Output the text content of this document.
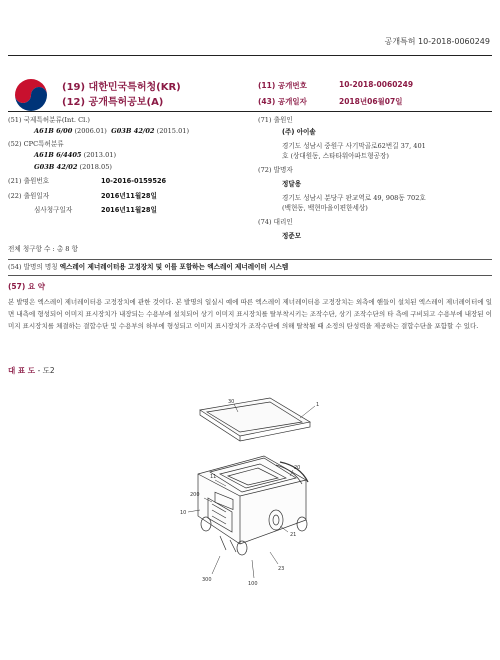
공개특허 10-2018-0060249
(19) 대한민국특허청(KR)
(12) 공개특허공보(A)
(11) 공개번호	10-2018-0060249
(43) 공개일자	2018년06월07일
(51) 국제특허분류(Int. Cl.)
A61B 6/00 (2006.01) G03B 42/02 (2015.01)
(52) CPC특허분류
A61B 6/4405 (2013.01)
G03B 42/02 (2018.05)
(21) 출원번호	10-2016-0159526
(22) 출원일자	2016년11월28일
심사청구일자	2016년11월28일
(71) 출원인
(주) 아이솔
경기도 성남시 중원구 사기막골로62번길 37, 401
호 (상대원동, 스타타워아파트형공장)
(72) 발명자
정달용
경기도 성남시 분당구 판교역로 49, 908동 702호
(백현동, 백현마을이편한세상)
(74) 대리인
정준모
전체 청구항 수 : 총 8 항
(54) 발명의 명칭 엑스레이 제너레이터용 고정장치 및 이를 포함하는 엑스레이 제너레이터 시스템
(57) 요 약
본 발명은 엑스레이 제너레이터용 고정장치에 관한 것이다. 본 발명의 일실시 예에 따른 엑스레이 제너레이터용 고정장치는 외측에 핸들이 설치된 엑스레이 제너레이터에 일면 내측에 형성되어 이미지 표시장치가 내장되는 수용부에 설치되어 상기 이미지 표시장치를 탈부착시키는 조작수단, 상기 조작수단의 타 측에 구비되고 수용부에 내장된 이미지 표시장치를 체결하는 결합수단 및 수용부의 하부에 형성되고 이미지 표시장치가 조작수단에 의해 탈착될 때 소정의 탄성력을 제공하는 결합수단을 포함할 수 있다.
대 표 도 - 도2
1
30
11
20
200
10
21
23
300
100
